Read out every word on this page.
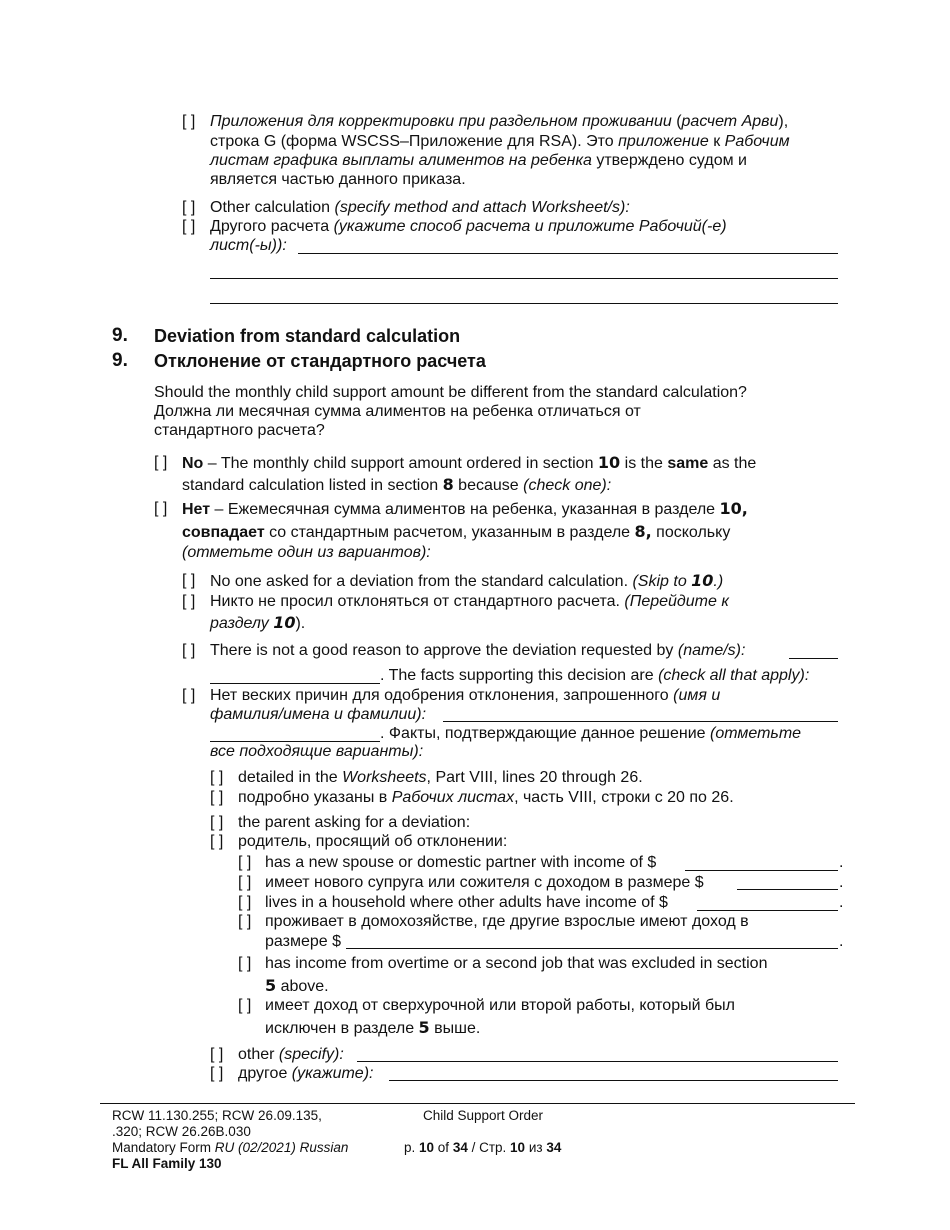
[ ] Приложения для корректировки при раздельном проживании (расчет Арви),
строка G (форма WSCSS–Приложение для RSA). Это приложение к Рабочим
листам графика выплаты алиментов на ребенка утверждено судом и
является частью данного приказа.
[ ] Other calculation (specify method and attach Worksheet/s):
[ ] Другого расчета (укажите способ расчета и приложите Рабочий(-е)
лист(-ы)):
9. Deviation from standard calculation
9. Отклонение от стандартного расчета
Should the monthly child support amount be different from the standard calculation?
Должна ли месячная сумма алиментов на ребенка отличаться от
стандартного расчета?
[ ] No – The monthly child support amount ordered in section 10 is the same as the
standard calculation listed in section 8 because (check one):
[ ] Нет – Ежемесячная сумма алиментов на ребенка, указанная в разделе 10,
совпадает со стандартным расчетом, указанным в разделе 8, поскольку
(отметьте один из вариантов):
[ ] No one asked for a deviation from the standard calculation. (Skip to 10.)
[ ] Никто не просил отклоняться от стандартного расчета. (Перейдите к
разделу 10).
[ ] There is not a good reason to approve the deviation requested by (name/s):
. The facts supporting this decision are (check all that apply):
[ ] Нет веских причин для одобрения отклонения, запрошенного (имя и
фамилия/имена и фамилии):
. Факты, подтверждающие данное решение (отметьте
все подходящие варианты):
[ ] detailed in the Worksheets, Part VIII, lines 20 through 26.
[ ] подробно указаны в Рабочих листах, часть VIII, строки с 20 по 26.
[ ] the parent asking for a deviation:
[ ] родитель, просящий об отклонении:
[ ] has a new spouse or domestic partner with income of $	.
[ ] имеет нового супруга или сожителя с доходом в размере $	.
[ ] lives in a household where other adults have income of $	.
[ ] проживает в домохозяйстве, где другие взрослые имеют доход в
размере $	.
[ ] has income from overtime or a second job that was excluded in section
5 above.
[ ] имеет доход от сверхурочной или второй работы, который был
исключен в разделе 5 выше.
[ ] other (specify):
[ ] другое (укажите):
RCW 11.130.255; RCW 26.09.135,
.320; RCW 26.26B.030
Mandatory Form RU (02/2021) Russian
FL All Family 130
Child Support Order
p. 10 of 34 / Стр. 10 из 34
